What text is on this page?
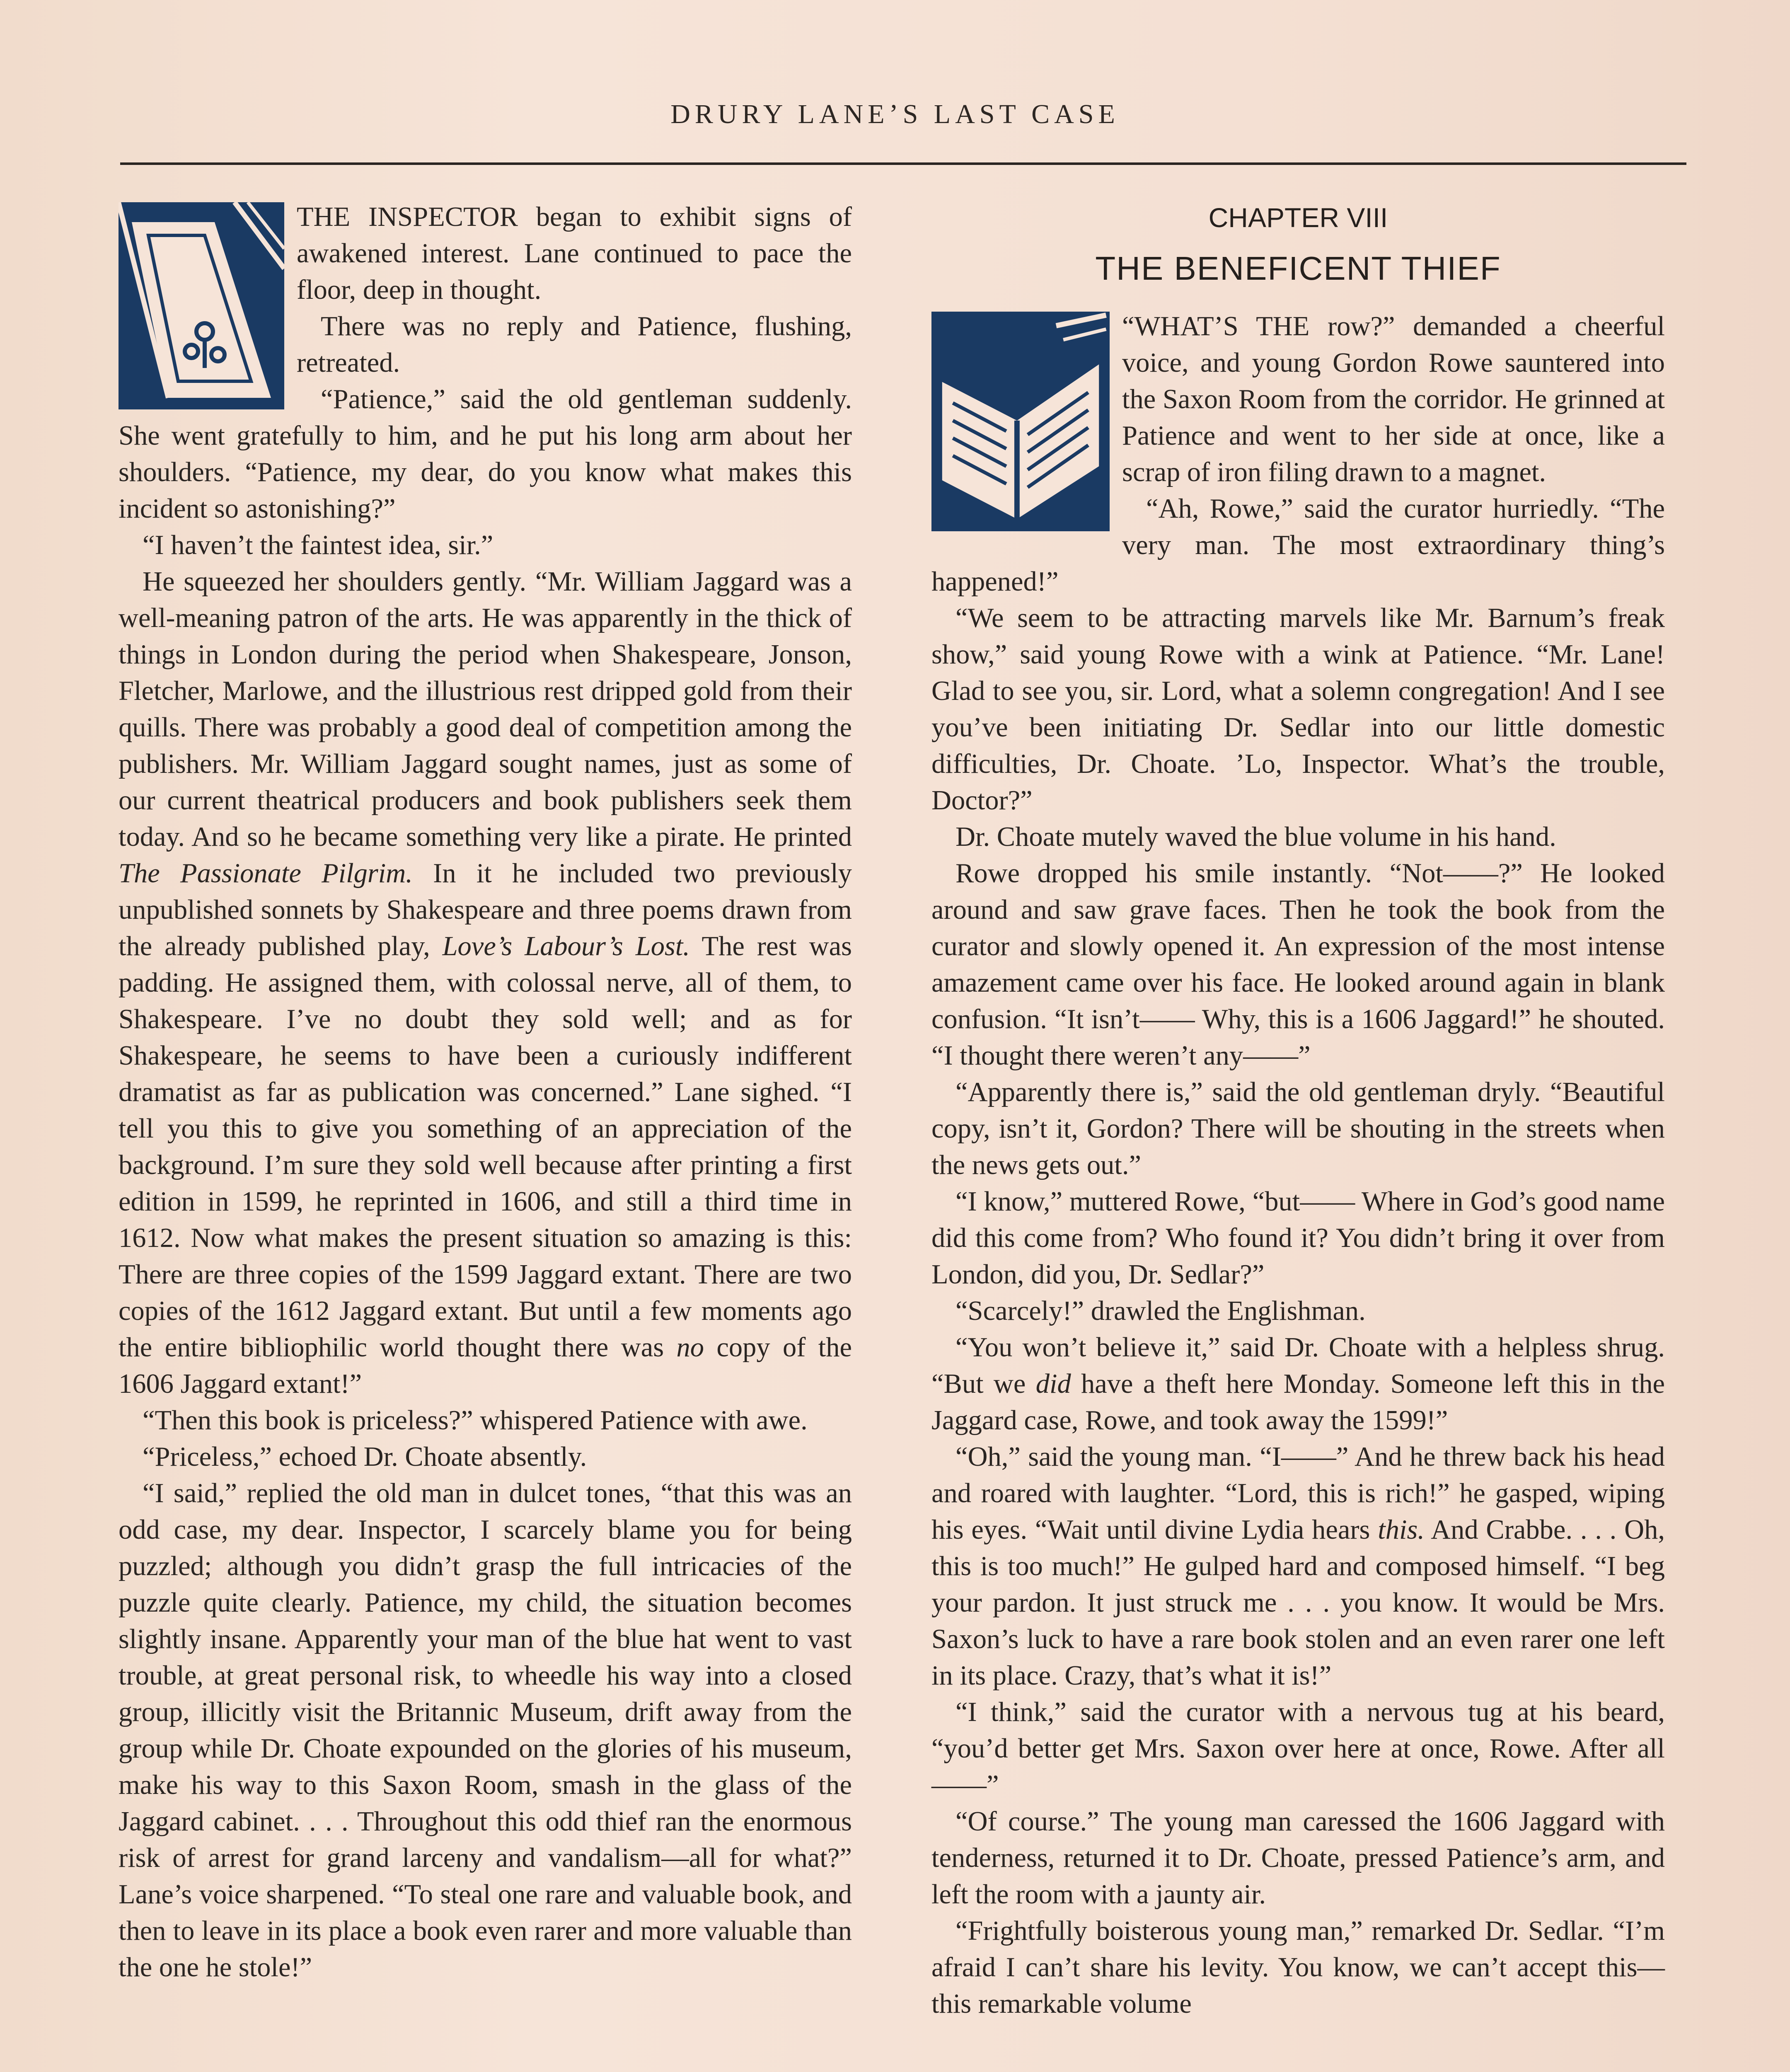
DRURY LANE’S LAST CASE

THE INSPECTOR began to exhibit signs of awakened interest. Lane continued to pace the floor, deep in thought.

There was no reply and Patience, flushing, retreated.

“Patience,” said the old gentleman suddenly. She went gratefully to him, and he put his long arm about her shoulders. “Patience, my dear, do you know what makes this incident so astonishing?”

“I haven’t the faintest idea, sir.”

He squeezed her shoulders gently. “Mr. William Jaggard was a well-meaning patron of the arts. He was apparently in the thick of things in London during the period when Shakespeare, Jonson, Fletcher, Marlowe, and the illustrious rest dripped gold from their quills. There was probably a good deal of competition among the publishers. Mr. William Jaggard sought names, just as some of our current theatrical producers and book publishers seek them today. And so he became something very like a pirate. He printed The Passionate Pilgrim. In it he included two previously unpublished sonnets by Shakespeare and three poems drawn from the already published play, Love’s Labour’s Lost. The rest was padding. He assigned them, with colossal nerve, all of them, to Shakespeare. I’ve no doubt they sold well; and as for Shakespeare, he seems to have been a curiously indifferent dramatist as far as publication was concerned.” Lane sighed. “I tell you this to give you something of an appreciation of the background. I’m sure they sold well because after printing a first edition in 1599, he reprinted in 1606, and still a third time in 1612. Now what makes the present situation so amazing is this: There are three copies of the 1599 Jaggard extant. There are two copies of the 1612 Jaggard extant. But until a few moments ago the entire bibliophilic world thought there was no copy of the 1606 Jaggard extant!”

“Then this book is priceless?” whispered Patience with awe.

“Priceless,” echoed Dr. Choate absently.

“I said,” replied the old man in dulcet tones, “that this was an odd case, my dear. Inspector, I scarcely blame you for being puzzled; although you didn’t grasp the full intricacies of the puzzle quite clearly. Patience, my child, the situation becomes slightly insane. Apparently your man of the blue hat went to vast trouble, at great personal risk, to wheedle his way into a closed group, illicitly visit the Britannic Museum, drift away from the group while Dr. Choate expounded on the glories of his museum, make his way to this Saxon Room, smash in the glass of the Jaggard cabinet. . . . Throughout this odd thief ran the enormous risk of arrest for grand larceny and vandalism—all for what?” Lane’s voice sharpened. “To steal one rare and valuable book, and then to leave in its place a book even rarer and more valuable than the one he stole!”

CHAPTER VIII
THE BENEFICENT THIEF

“WHAT’S THE row?” demanded a cheerful voice, and young Gordon Rowe sauntered into the Saxon Room from the corridor. He grinned at Patience and went to her side at once, like a scrap of iron filing drawn to a magnet.

“Ah, Rowe,” said the curator hurriedly. “The very man. The most extraordinary thing’s happened!”

“We seem to be attracting marvels like Mr. Barnum’s freak show,” said young Rowe with a wink at Patience. “Mr. Lane! Glad to see you, sir. Lord, what a solemn congregation! And I see you’ve been initiating Dr. Sedlar into our little domestic difficulties, Dr. Choate. ’Lo, Inspector. What’s the trouble, Doctor?”

Dr. Choate mutely waved the blue volume in his hand.

Rowe dropped his smile instantly. “Not——?” He looked around and saw grave faces. Then he took the book from the curator and slowly opened it. An expression of the most intense amazement came over his face. He looked around again in blank confusion. “It isn’t—— Why, this is a 1606 Jaggard!” he shouted. “I thought there weren’t any——”

“Apparently there is,” said the old gentleman dryly. “Beautiful copy, isn’t it, Gordon? There will be shouting in the streets when the news gets out.”

“I know,” muttered Rowe, “but—— Where in God’s good name did this come from? Who found it? You didn’t bring it over from London, did you, Dr. Sedlar?”

“Scarcely!” drawled the Englishman.

“You won’t believe it,” said Dr. Choate with a helpless shrug. “But we did have a theft here Monday. Someone left this in the Jaggard case, Rowe, and took away the 1599!”

“Oh,” said the young man. “I——” And he threw back his head and roared with laughter. “Lord, this is rich!” he gasped, wiping his eyes. “Wait until divine Lydia hears this. And Crabbe. . . . Oh, this is too much!” He gulped hard and composed himself. “I beg your pardon. It just struck me . . . you know. It would be Mrs. Saxon’s luck to have a rare book stolen and an even rarer one left in its place. Crazy, that’s what it is!”

“I think,” said the curator with a nervous tug at his beard, “you’d better get Mrs. Saxon over here at once, Rowe. After all——”

“Of course.” The young man caressed the 1606 Jaggard with tenderness, returned it to Dr. Choate, pressed Patience’s arm, and left the room with a jaunty air.

“Frightfully boisterous young man,” remarked Dr. Sedlar. “I’m afraid I can’t share his levity. You know, we can’t accept this—this remarkable volume
